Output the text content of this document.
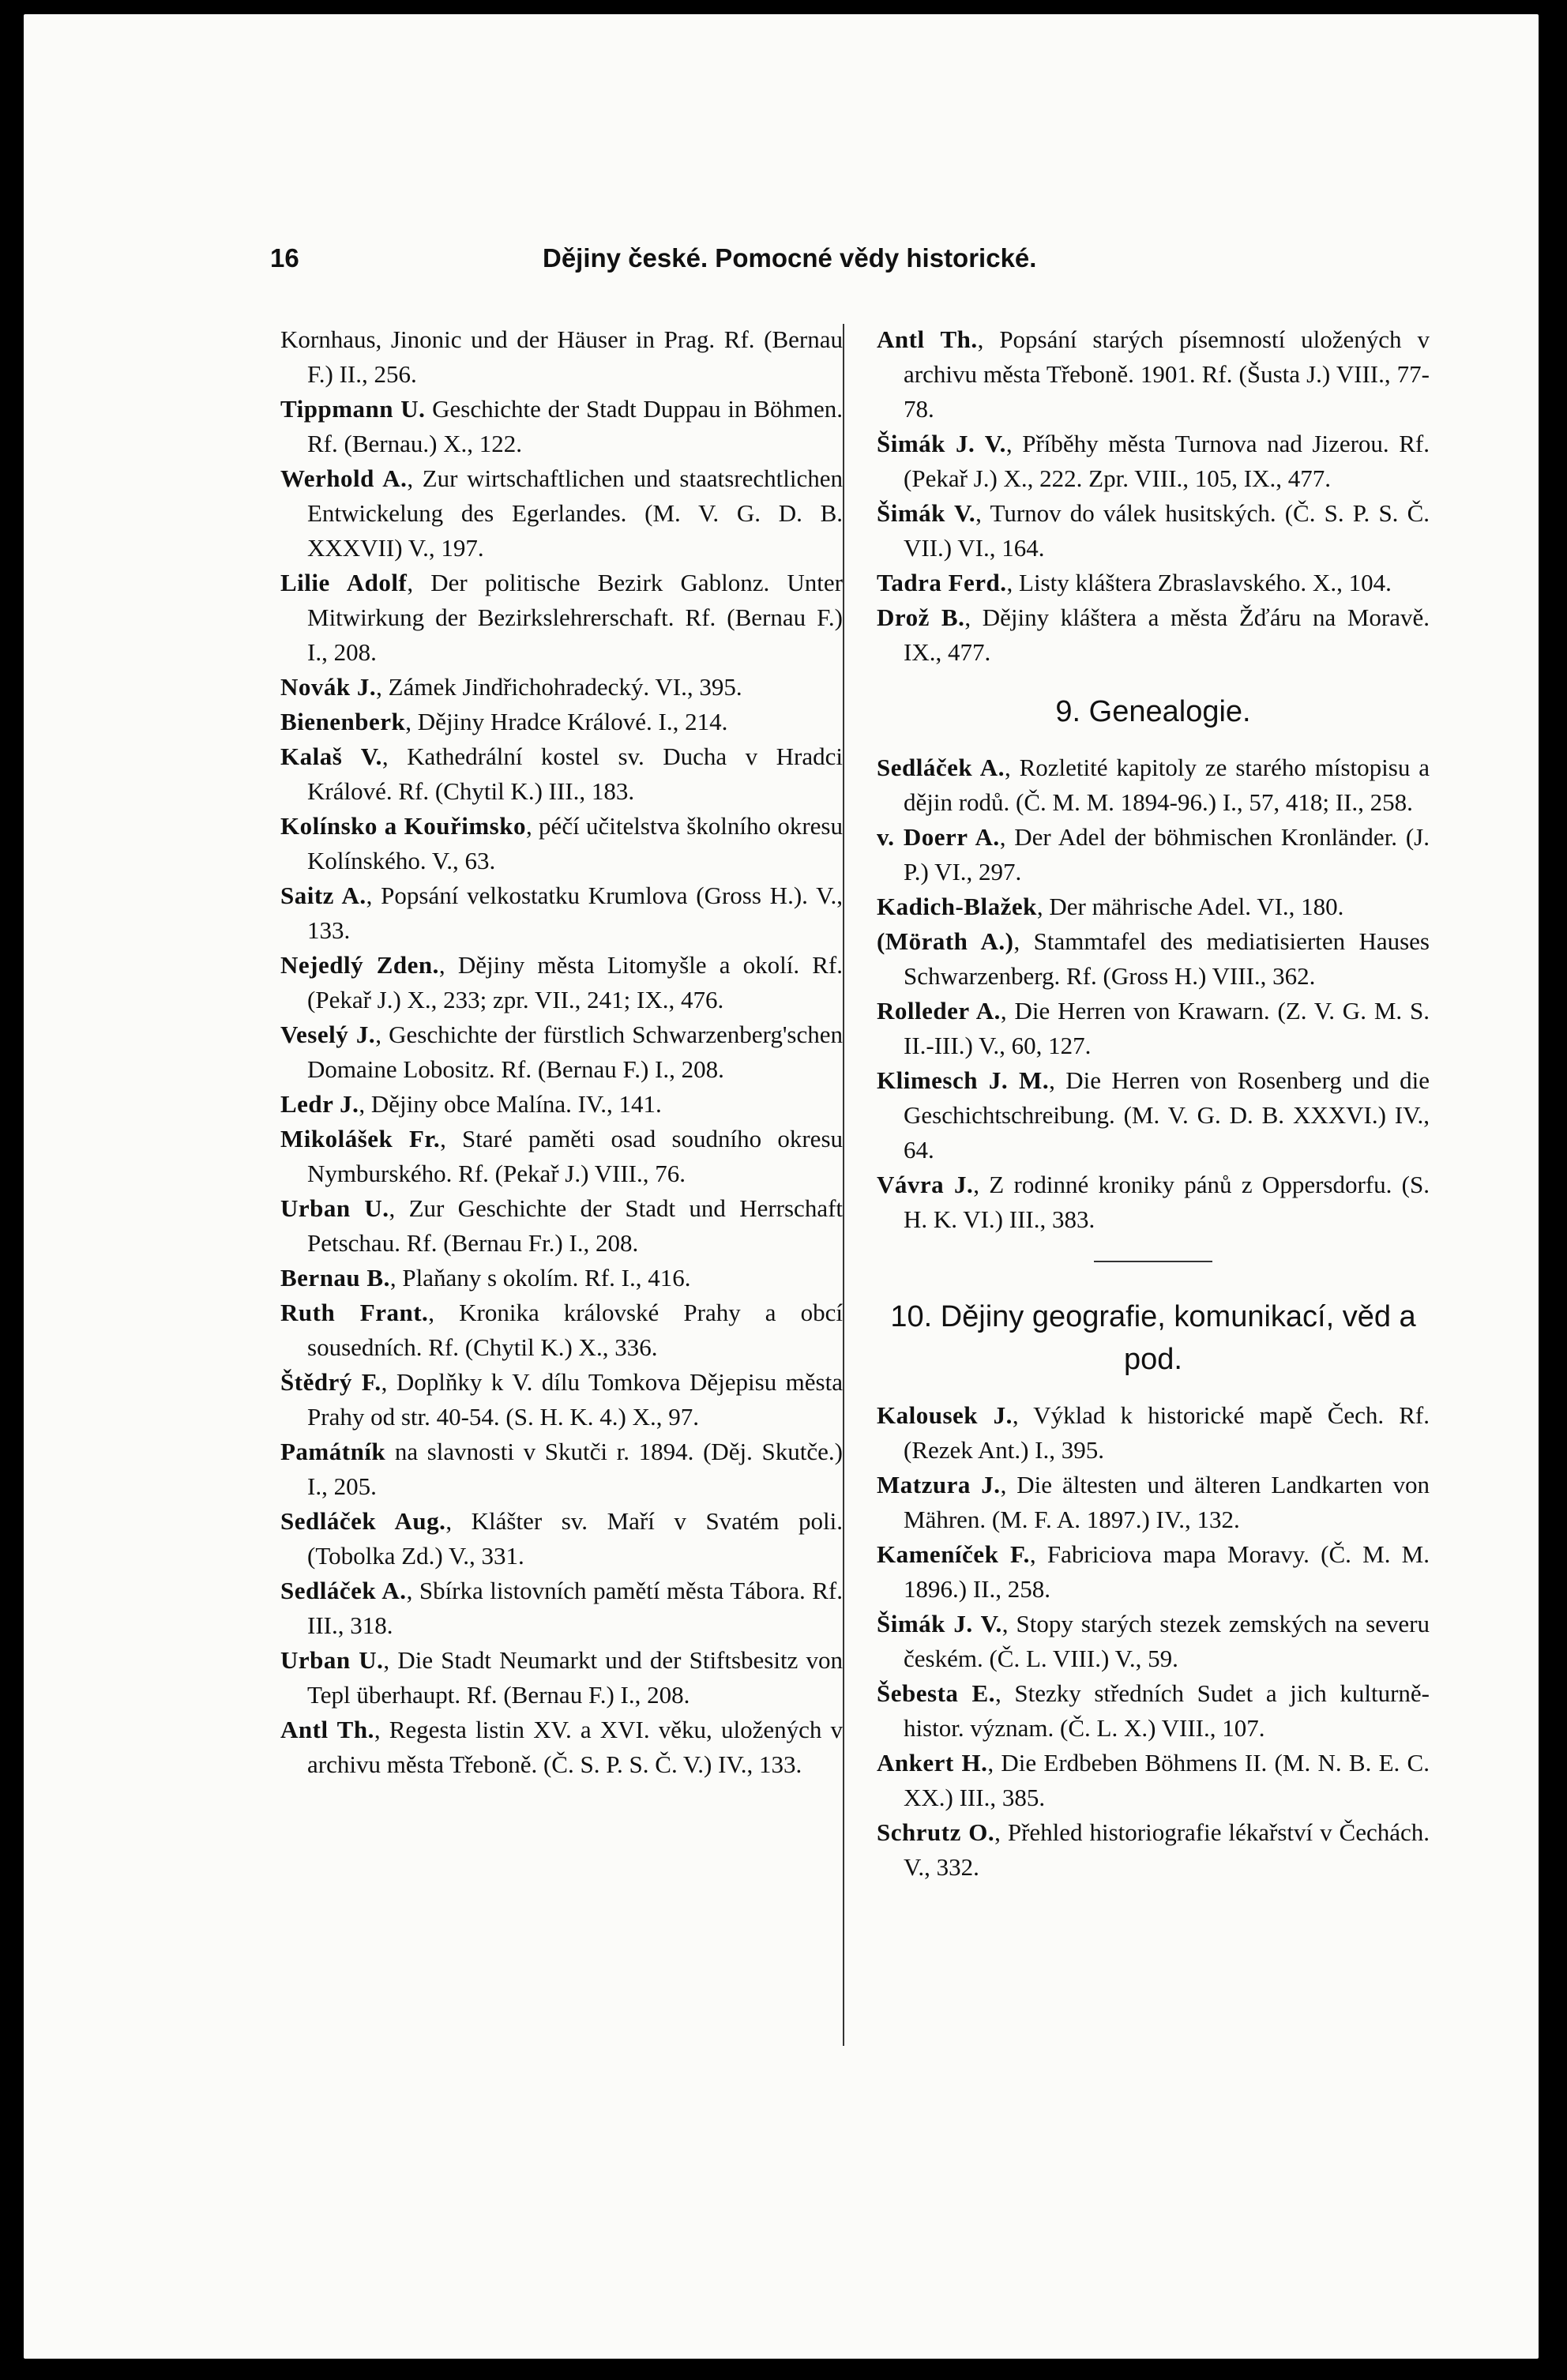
16	Dějiny české. Pomocné vědy historické.

Kornhaus, Jinonic und der Häuser in Prag. Rf. (Bernau F.) II., 256.

Tippmann U. Geschichte der Stadt Duppau in Böhmen. Rf. (Bernau.) X., 122.

Werhold A., Zur wirtschaftlichen und staatsrechtlichen Entwickelung des Egerlandes. (M. V. G. D. B. XXXVII) V., 197.

Lilie Adolf, Der politische Bezirk Gablonz. Unter Mitwirkung der Bezirkslehrerschaft. Rf. (Bernau F.) I., 208.

Novák J., Zámek Jindřichohradecký. VI., 395.

Bienenberk, Dějiny Hradce Králové. I., 214.

Kalaš V., Kathedrální kostel sv. Ducha v Hradci Králové. Rf. (Chytil K.) III., 183.

Kolínsko a Kouřimsko, péčí učitelstva školního okresu Kolínského. V., 63.

Saitz A., Popsání velkostatku Krumlova (Gross H.). V., 133.

Nejedlý Zden., Dějiny města Litomyšle a okolí. Rf. (Pekař J.) X., 233; zpr. VII., 241; IX., 476.

Veselý J., Geschichte der fürstlich Schwarzenberg'schen Domaine Lobositz. Rf. (Bernau F.) I., 208.

Ledr J., Dějiny obce Malína. IV., 141.

Mikolášek Fr., Staré paměti osad soudního okresu Nymburského. Rf. (Pekař J.) VIII., 76.

Urban U., Zur Geschichte der Stadt und Herrschaft Petschau. Rf. (Bernau Fr.) I., 208.

Bernau B., Plaňany s okolím. Rf. I., 416.

Ruth Frant., Kronika královské Prahy a obcí sousedních. Rf. (Chytil K.) X., 336.

Štědrý F., Doplňky k V. dílu Tomkova Dějepisu města Prahy od str. 40-54. (S. H. K. 4.) X., 97.

Památník na slavnosti v Skutči r. 1894. (Děj. Skutče.) I., 205.

Sedláček Aug., Klášter sv. Maří v Svatém poli. (Tobolka Zd.) V., 331.

Sedláček A., Sbírka listovních pamětí města Tábora. Rf. III., 318.

Urban U., Die Stadt Neumarkt und der Stiftsbesitz von Tepl überhaupt. Rf. (Bernau F.) I., 208.

Antl Th., Regesta listin XV. a XVI. věku, uložených v archivu města Třeboně. (Č. S. P. S. Č. V.) IV., 133.

Antl Th., Popsání starých písemností uložených v archivu města Třeboně. 1901. Rf. (Šusta J.) VIII., 77-78.

Šimák J. V., Příběhy města Turnova nad Jizerou. Rf. (Pekař J.) X., 222. Zpr. VIII., 105, IX., 477.

Šimák V., Turnov do válek husitských. (Č. S. P. S. Č. VII.) VI., 164.

Tadra Ferd., Listy kláštera Zbraslavského. X., 104.

Drož B., Dějiny kláštera a města Žďáru na Moravě. IX., 477.

9. Genealogie.

Sedláček A., Rozletité kapitoly ze starého místopisu a dějin rodů. (Č. M. M. 1894-96.) I., 57, 418; II., 258.

v. Doerr A., Der Adel der böhmischen Kronländer. (J. P.) VI., 297.

Kadich-Blažek, Der mährische Adel. VI., 180.

(Mörath A.), Stammtafel des mediatisierten Hauses Schwarzenberg. Rf. (Gross H.) VIII., 362.

Rolleder A., Die Herren von Krawarn. (Z. V. G. M. S. II.-III.) V., 60, 127.

Klimesch J. M., Die Herren von Rosenberg und die Geschichtschreibung. (M. V. G. D. B. XXXVI.) IV., 64.

Vávra J., Z rodinné kroniky pánů z Oppersdorfu. (S. H. K. VI.) III., 383.

10. Dějiny geografie, komunikací, věd a pod.

Kalousek J., Výklad k historické mapě Čech. Rf. (Rezek Ant.) I., 395.

Matzura J., Die ältesten und älteren Landkarten von Mähren. (M. F. A. 1897.) IV., 132.

Kameníček F., Fabriciova mapa Moravy. (Č. M. M. 1896.) II., 258.

Šimák J. V., Stopy starých stezek zemských na severu českém. (Č. L. VIII.) V., 59.

Šebesta E., Stezky středních Sudet a jich kulturně-histor. význam. (Č. L. X.) VIII., 107.

Ankert H., Die Erdbeben Böhmens II. (M. N. B. E. C. XX.) III., 385.

Schrutz O., Přehled historiografie lékařství v Čechách. V., 332.
